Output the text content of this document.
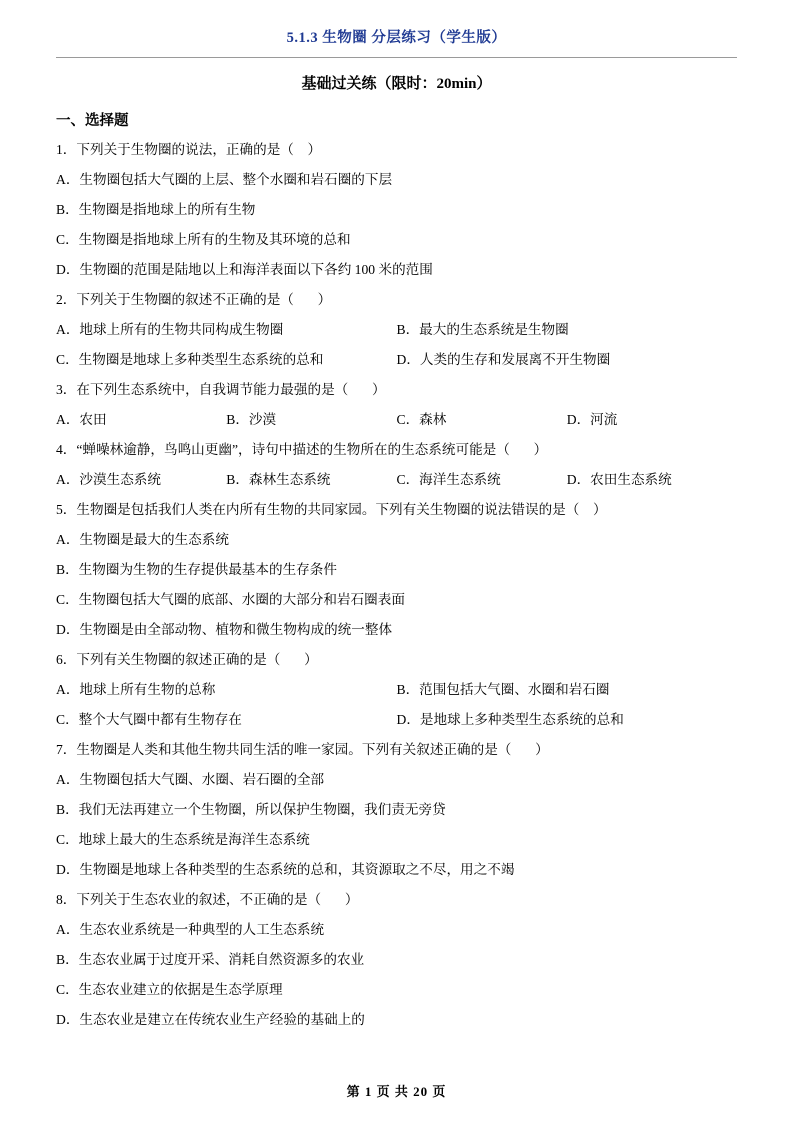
5.1.3 生物圈 分层练习（学生版）
基础过关练（限时：20min）
一、选择题
1．下列关于生物圈的说法，正确的是（    ）
A．生物圈包括大气圈的上层、整个水圈和岩石圈的下层
B．生物圈是指地球上的所有生物
C．生物圈是指地球上所有的生物及其环境的总和
D．生物圈的范围是陆地以上和海洋表面以下各约 100 米的范围
2．下列关于生物圈的叙述不正确的是（       ）
A．地球上所有的生物共同构成生物圈	B．最大的生态系统是生物圈
C．生物圈是地球上多种类型生态系统的总和	D．人类的生存和发展离不开生物圈
3．在下列生态系统中，自我调节能力最强的是（       ）
A．农田	B．沙漠	C．森林	D．河流
4．“蝉噪林逾静，鸟鸣山更幽”，诗句中描述的生物所在的生态系统可能是（       ）
A．沙漠生态系统	B．森林生态系统	C．海洋生态系统	D．农田生态系统
5．生物圈是包括我们人类在内所有生物的共同家园。下列有关生物圈的说法错误的是（    ）
A．生物圈是最大的生态系统
B．生物圈为生物的生存提供最基本的生存条件
C．生物圈包括大气圈的底部、水圈的大部分和岩石圈表面
D．生物圈是由全部动物、植物和微生物构成的统一整体
6．下列有关生物圈的叙述正确的是（       ）
A．地球上所有生物的总称	B．范围包括大气圈、水圈和岩石圈
C．整个大气圈中都有生物存在	D．是地球上多种类型生态系统的总和
7．生物圈是人类和其他生物共同生活的唯一家园。下列有关叙述正确的是（       ）
A．生物圈包括大气圈、水圈、岩石圈的全部
B．我们无法再建立一个生物圈，所以保护生物圈，我们责无旁贷
C．地球上最大的生态系统是海洋生态系统
D．生物圈是地球上各种类型的生态系统的总和，其资源取之不尽，用之不竭
8．下列关于生态农业的叙述，不正确的是（       ）
A．生态农业系统是一种典型的人工生态系统
B．生态农业属于过度开采、消耗自然资源多的农业
C．生态农业建立的依据是生态学原理
D．生态农业是建立在传统农业生产经验的基础上的
第 1 页 共 20 页
